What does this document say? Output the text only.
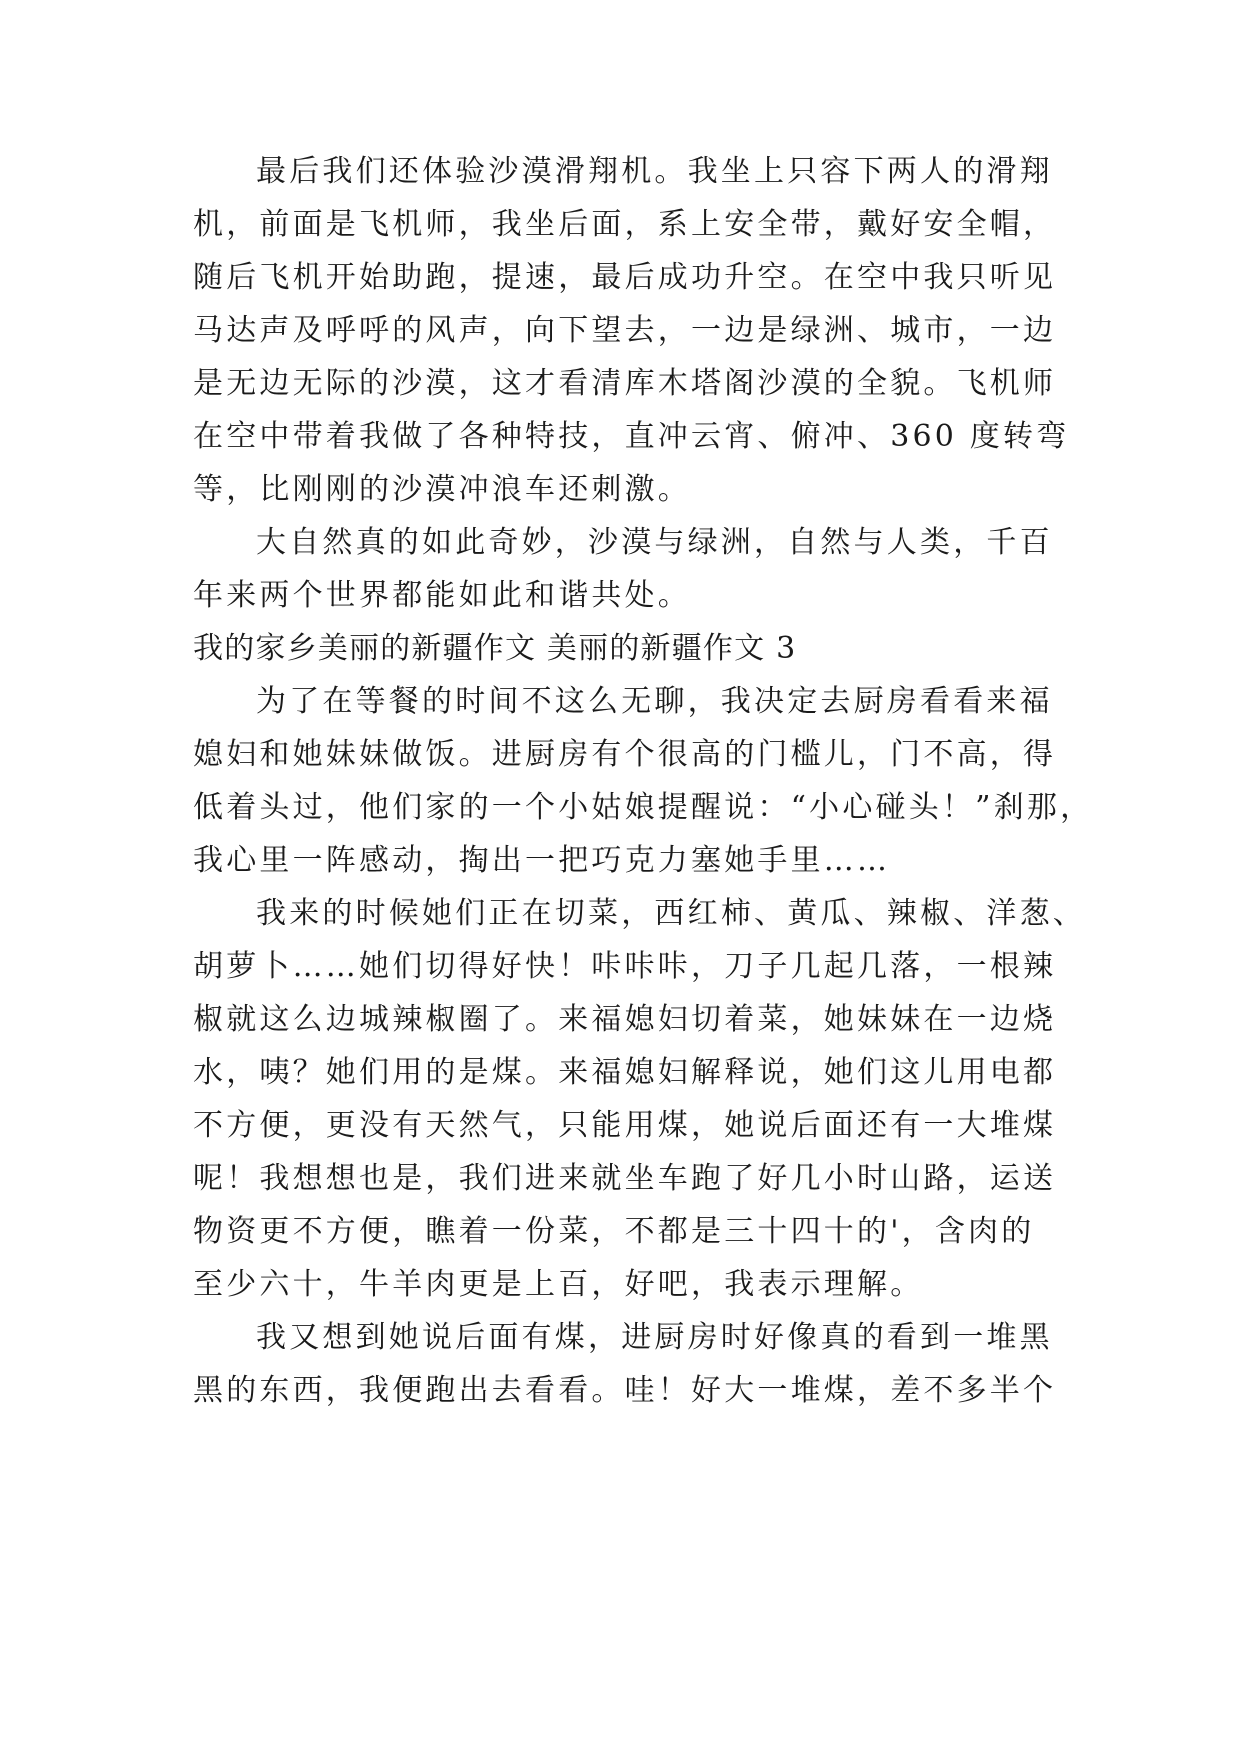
最后我们还体验沙漠滑翔机。我坐上只容下两人的滑翔
机，前面是飞机师，我坐后面，系上安全带，戴好安全帽，
随后飞机开始助跑，提速，最后成功升空。在空中我只听见
马达声及呼呼的风声，向下望去，一边是绿洲、城市，一边
是无边无际的沙漠，这才看清库木塔阁沙漠的全貌。飞机师
在空中带着我做了各种特技，直冲云宵、俯冲、360 度转弯
等，比刚刚的沙漠冲浪车还刺激。
大自然真的如此奇妙，沙漠与绿洲，自然与人类，千百
年来两个世界都能如此和谐共处。
我的家乡美丽的新疆作文 美丽的新疆作文 3
为了在等餐的时间不这么无聊，我决定去厨房看看来福
媳妇和她妹妹做饭。进厨房有个很高的门槛儿，门不高，得
低着头过，他们家的一个小姑娘提醒说：“小心碰头！”刹那，
我心里一阵感动，掏出一把巧克力塞她手里……
我来的时候她们正在切菜，西红柿、黄瓜、辣椒、洋葱、
胡萝卜……她们切得好快！咔咔咔，刀子几起几落，一根辣
椒就这么边城辣椒圈了。来福媳妇切着菜，她妹妹在一边烧
水，咦？她们用的是煤。来福媳妇解释说，她们这儿用电都
不方便，更没有天然气，只能用煤，她说后面还有一大堆煤
呢！我想想也是，我们进来就坐车跑了好几小时山路，运送
物资更不方便，瞧着一份菜，不都是三十四十的'，含肉的
至少六十，牛羊肉更是上百，好吧，我表示理解。
我又想到她说后面有煤，进厨房时好像真的看到一堆黑
黑的东西，我便跑出去看看。哇！好大一堆煤，差不多半个
